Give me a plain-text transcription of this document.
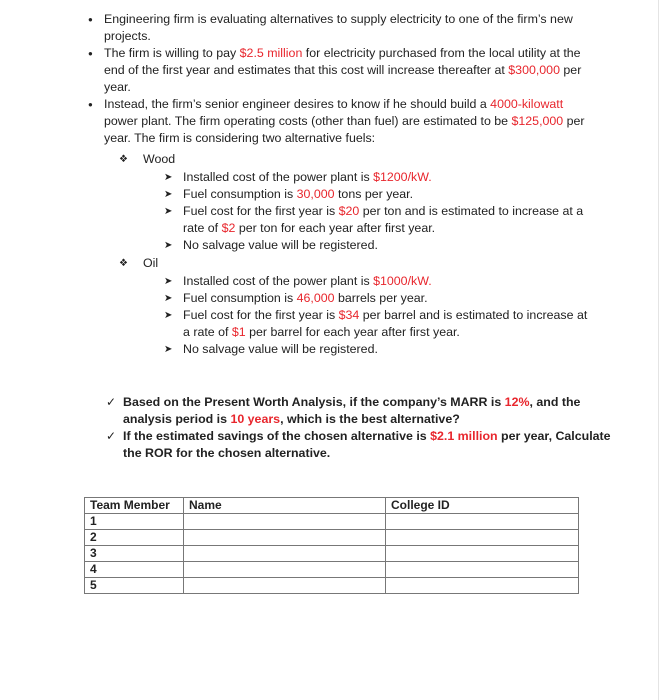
● Engineering firm is evaluating alternatives to supply electricity to one of the firm’s new
projects.
● The firm is willing to pay $2.5 million for electricity purchased from the local utility at the
end of the first year and estimates that this cost will increase thereafter at $300,000 per
year.
● Instead, the firm’s senior engineer desires to know if he should build a 4000-kilowatt
power plant. The firm operating costs (other than fuel) are estimated to be $125,000 per
year. The firm is considering two alternative fuels:
❖ Wood
➤ Installed cost of the power plant is $1200/kW.
➤ Fuel consumption is 30,000 tons per year.
➤ Fuel cost for the first year is $20 per ton and is estimated to increase at a
rate of $2 per ton for each year after first year.
➤ No salvage value will be registered.
❖ Oil
➤ Installed cost of the power plant is $1000/kW.
➤ Fuel consumption is 46,000 barrels per year.
➤ Fuel cost for the first year is $34 per barrel and is estimated to increase at
a rate of $1 per barrel for each year after first year.
➤ No salvage value will be registered.
✓ Based on the Present Worth Analysis, if the company’s MARR is 12%, and the
analysis period is 10 years, which is the best alternative?
✓ If the estimated savings of the chosen alternative is $2.1 million per year, Calculate
the ROR for the chosen alternative.
Team Member	Name	College ID
1		
2		
3		
4		
5		
